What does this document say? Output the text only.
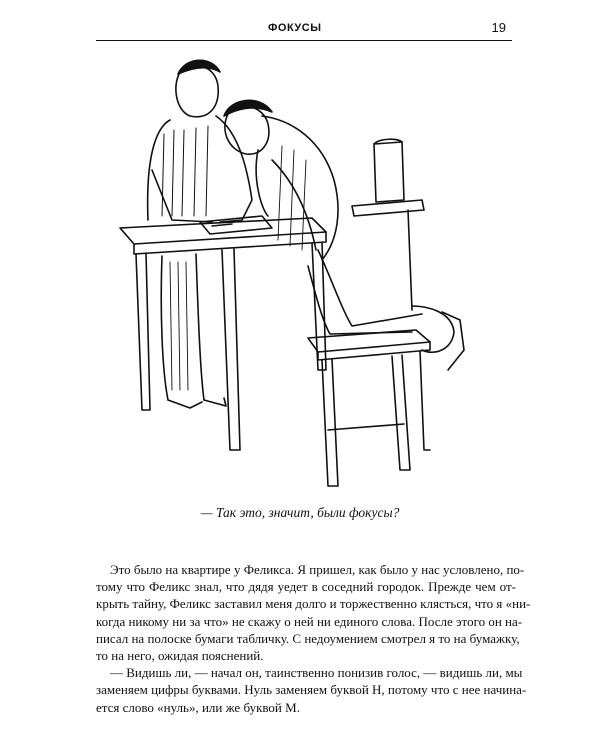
ФОКУСЫ	19
— Так это, значит, были фокусы?

Это было на квартире у Феликса. Я пришел, как было у нас условлено, по-
тому что Феликс знал, что дядя уедет в соседний городок. Прежде чем от-
крыть тайну, Феликс заставил меня долго и торжественно клясться, что я «ни-
когда никому ни за что» не скажу о ней ни единого слова. После этого он на-
писал на полоске бумаги табличку. С недоумением смотрел я то на бумажку,
то на него, ожидая пояснений.

— Видишь ли, — начал он, таинственно понизив голос, — видишь ли, мы
заменяем цифры буквами. Нуль заменяем буквой Н, потому что с нее начина-
ется слово «нуль», или же буквой М.
